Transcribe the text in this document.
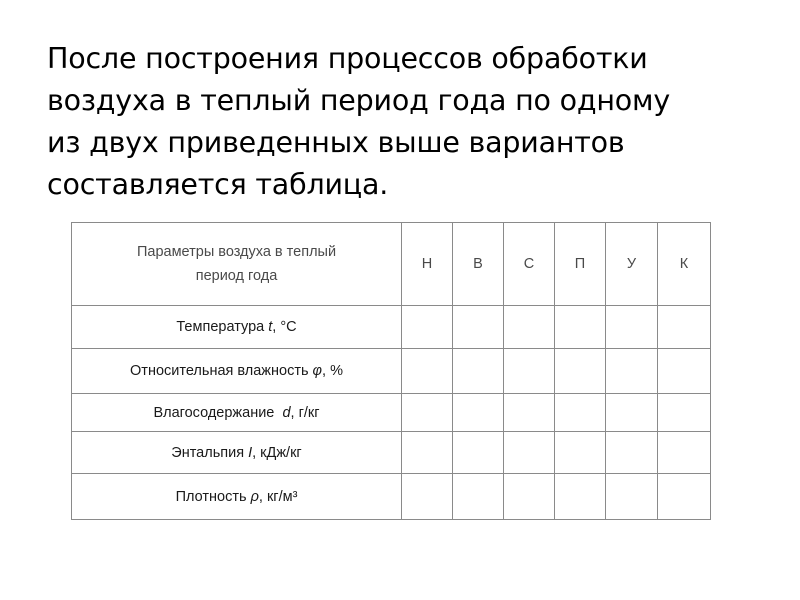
После построения процессов обработки
воздуха в теплый период года по одному
из двух приведенных выше вариантов
составляется таблица.
Параметры воздуха в теплый
период года	Н	В	С	П	У	К
Температура t, °C						
Относительная влажность φ, %						
Влагосодержание d, г/кг						
Энтальпия I, кДж/кг						
Плотность ρ, кг/м³						
